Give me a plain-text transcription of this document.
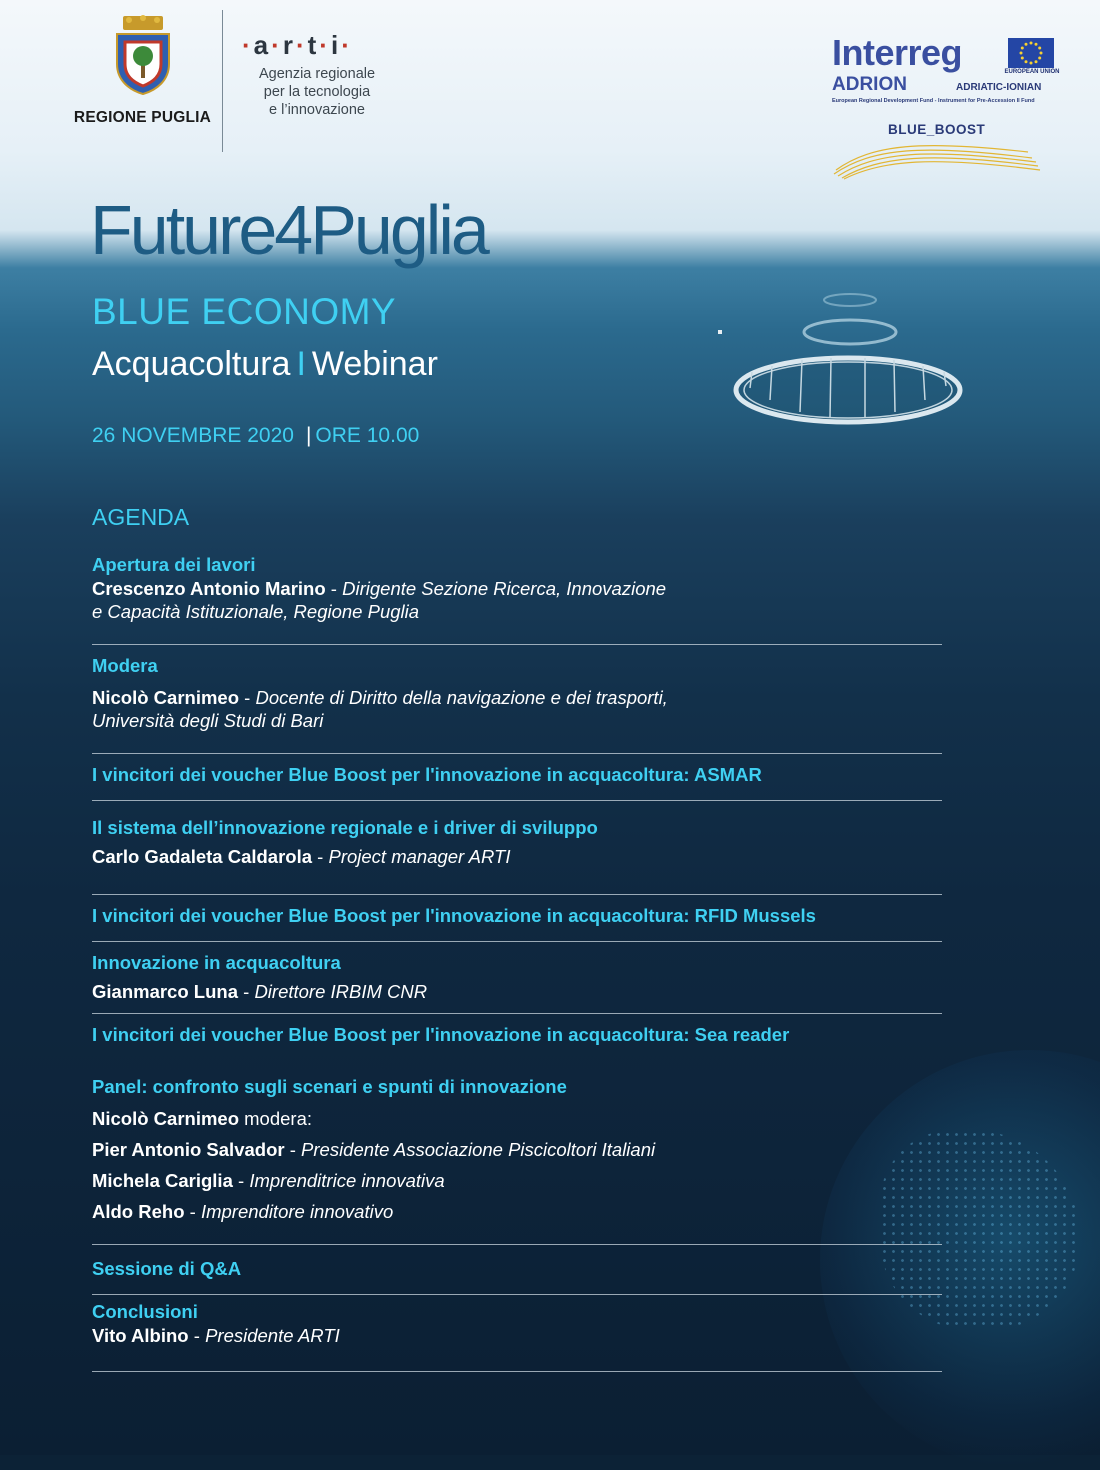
REGIONE PUGLIA
·a·r·t·i·
Agenzia regionale
per la tecnologia
e l’innovazione
Interreg	EUROPEAN UNION
ADRION	ADRIATIC-IONIAN
European Regional Development Fund - Instrument for Pre-Accession II Fund
BLUE_BOOST
Future4Puglia
BLUE ECONOMY
Acquacoltura I Webinar
26 NOVEMBRE 2020 | ORE 10.00
AGENDA
Apertura dei lavori
Crescenzo Antonio Marino - Dirigente Sezione Ricerca, Innovazione
e Capacità Istituzionale, Regione Puglia
Modera
Nicolò Carnimeo - Docente di Diritto della navigazione e dei trasporti,
Università degli Studi di Bari
I vincitori dei voucher Blue Boost per l'innovazione in acquacoltura: ASMAR
Il sistema dell’innovazione regionale e i driver di sviluppo
Carlo Gadaleta Caldarola - Project manager ARTI
I vincitori dei voucher Blue Boost per l'innovazione in acquacoltura: RFID Mussels
Innovazione in acquacoltura
Gianmarco Luna - Direttore IRBIM CNR
I vincitori dei voucher Blue Boost per l'innovazione in acquacoltura: Sea reader
Panel: confronto sugli scenari e spunti di innovazione
Nicolò Carnimeo modera:
Pier Antonio Salvador - Presidente Associazione Piscicoltori Italiani
Michela Cariglia - Imprenditrice innovativa
Aldo Reho - Imprenditore innovativo
Sessione di Q&A
Conclusioni
Vito Albino - Presidente ARTI
